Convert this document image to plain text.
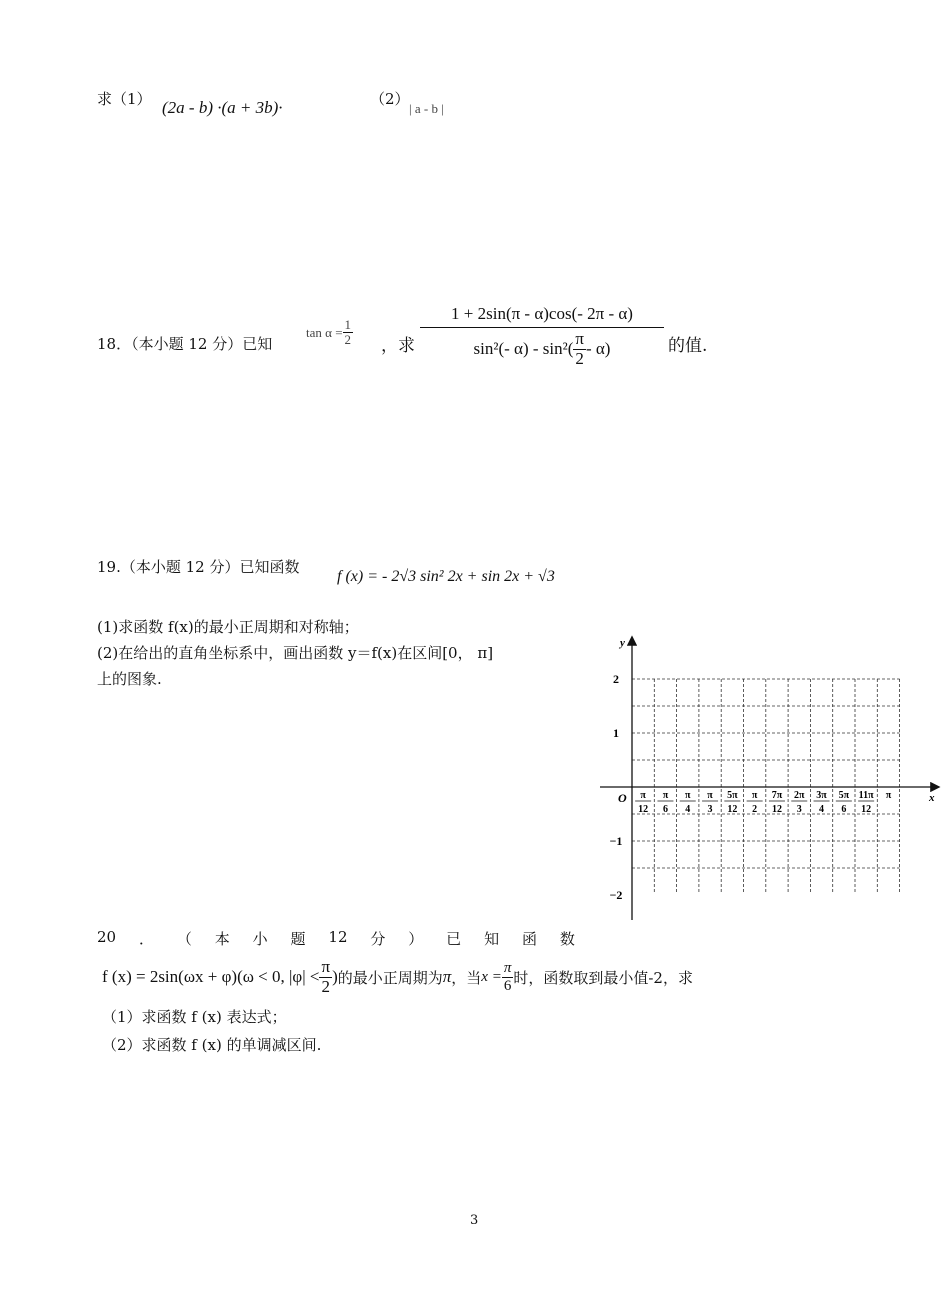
求（1） (2a - b) ·(a + 3b)·	（2）
| a - b |
18．（本小题 12 分）已知
$\tan \alpha = \frac{1}{2}$ ，求 $\frac{1 + 2\sin(\pi - \alpha)\cos(- 2\pi - \alpha)}{\sin^2(- \alpha) - \sin^2( \frac{\pi}{2} - \alpha)}$ 的值.
19.（本小题 12 分）已知函数
f (x) = - 2√3 sin² 2x + sin 2x + √3
(1)求函数 f(x)的最小正周期和对称轴；
(2)在给出的直角坐标系中，画出函数 y＝f(x)在区间[0， π]
上的图象.
y
x
O
2
1
−1
−2
π
12
π
6
π
4
π
3
5π
12
π
2
7π
12
2π
3
3π
4
5π
6
11π
12
π
20 ． （ 本 小 题 12 分 ） 已 知 函 数
f (x) = 2sin(ωx + φ)(ω < 0, $|\varphi| < \frac{\pi}{2}$ ) 的最小正周期为 π ，当 $x = \frac{\pi}{6}$ 时，函数取到最小值-2，求
（1）求函数 f (x) 表达式；
（2）求函数 f (x) 的单调减区间.
3
